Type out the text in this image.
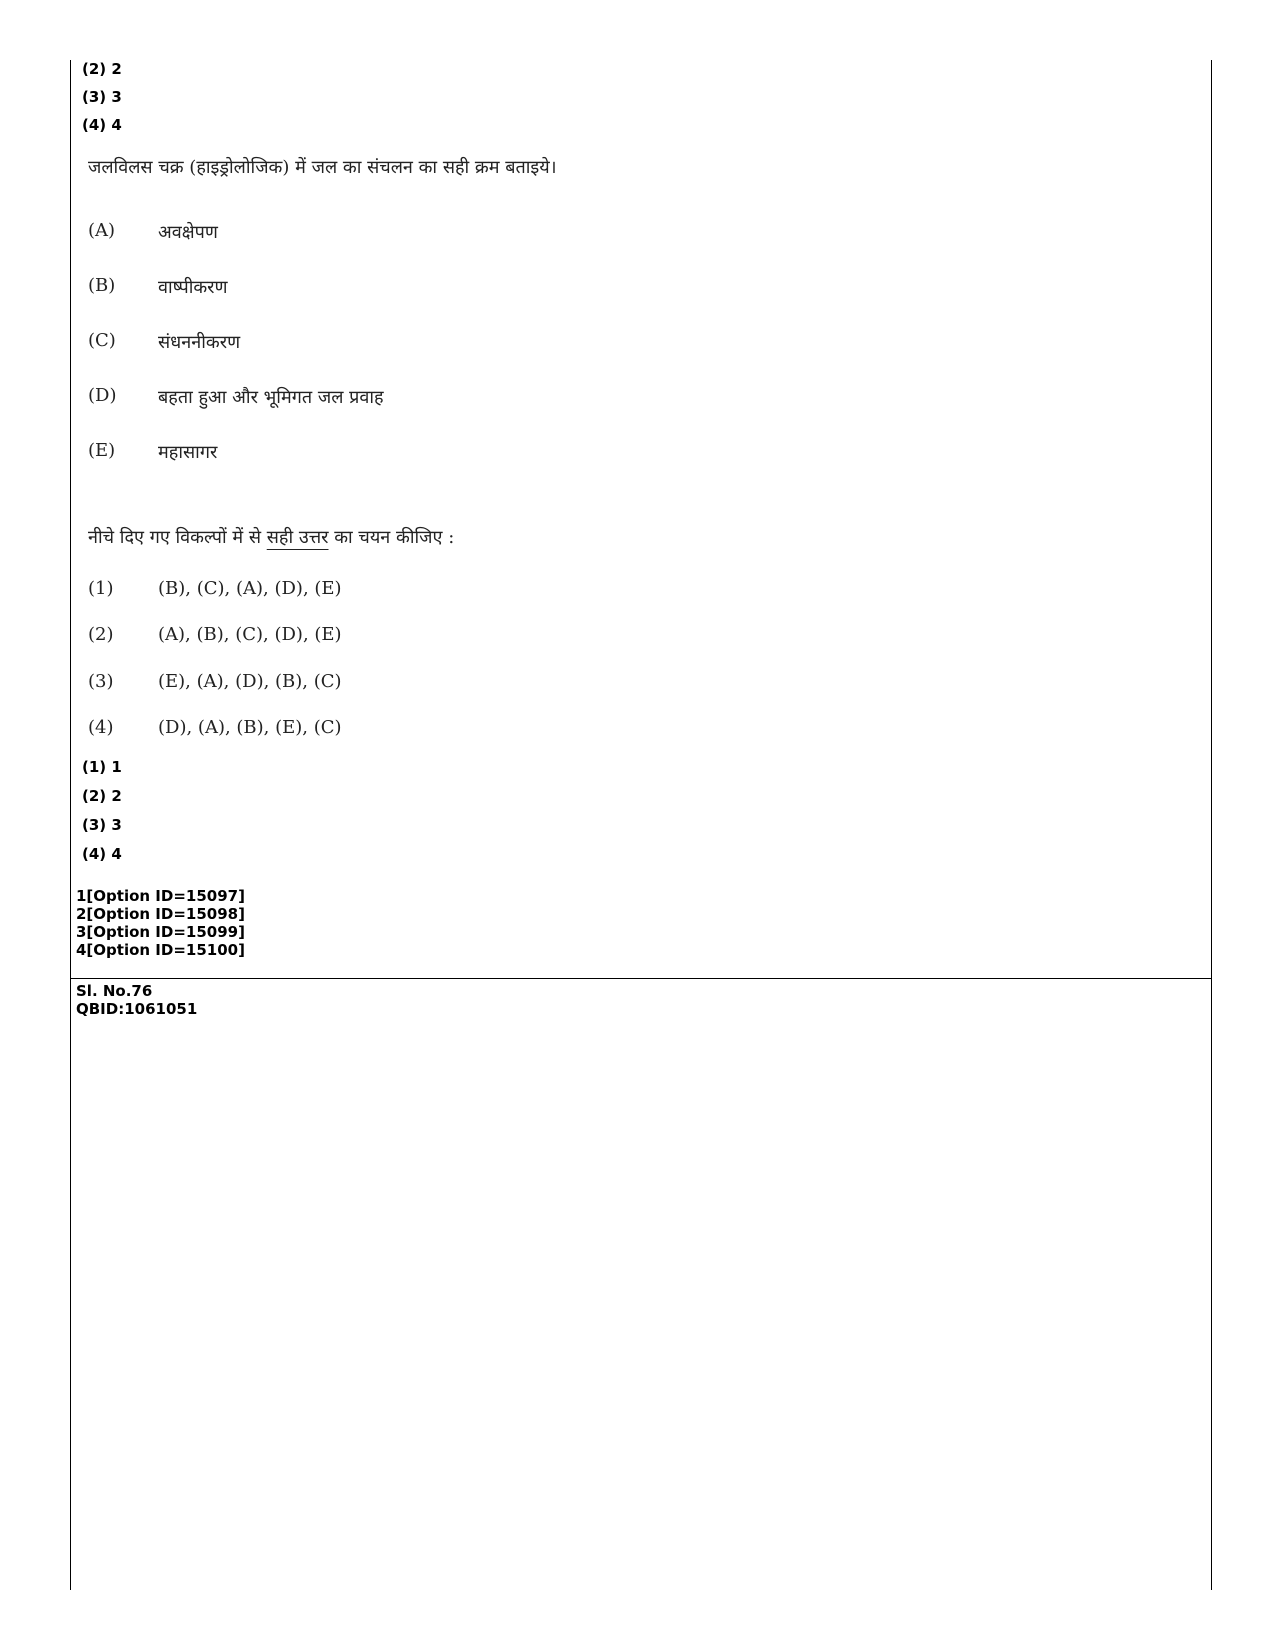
(2) 2
(3) 3
(4) 4
जलविलस चक्र (हाइड्रोलोजिक) में जल का संचलन का सही क्रम बताइये।
(A)	अवक्षेपण
(B)	वाष्पीकरण
(C)	संधननीकरण
(D)	बहता हुआ और भूमिगत जल प्रवाह
(E)	महासागर
नीचे दिए गए विकल्पों में से सही उत्तर का चयन कीजिए :
(1)	(B), (C), (A), (D), (E)
(2)	(A), (B), (C), (D), (E)
(3)	(E), (A), (D), (B), (C)
(4)	(D), (A), (B), (E), (C)
(1) 1
(2) 2
(3) 3
(4) 4
1[Option ID=15097]
2[Option ID=15098]
3[Option ID=15099]
4[Option ID=15100]
Sl. No.76
QBID:1061051
